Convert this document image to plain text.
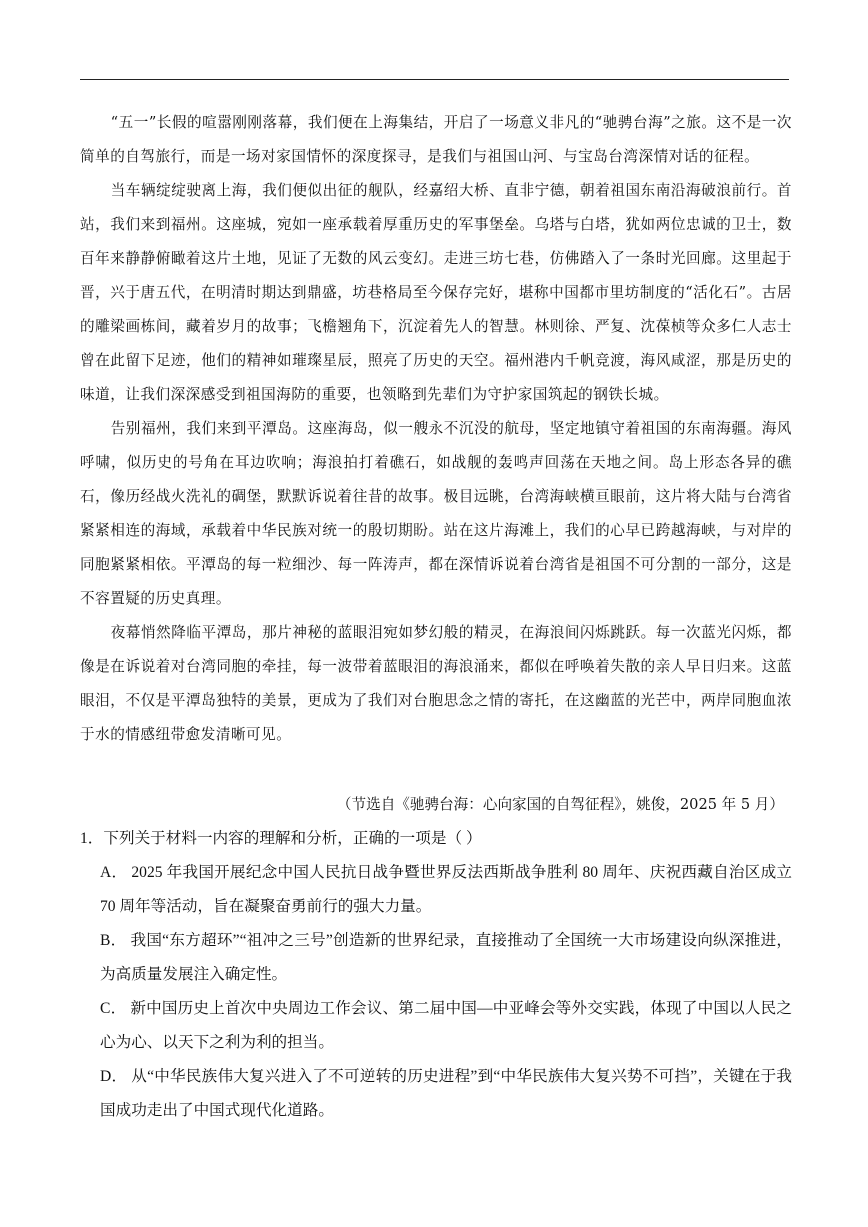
“五一”长假的喧嚣刚刚落幕，我们便在上海集结，开启了一场意义非凡的“驰骋台海”之旅。这不是一次简单的自驾旅行，而是一场对家国情怀的深度探寻，是我们与祖国山河、与宝岛台湾深情对话的征程。

当车辆绽绽驶离上海，我们便似出征的舰队，经嘉绍大桥、直非宁德，朝着祖国东南沿海破浪前行。首站，我们来到福州。这座城，宛如一座承载着厚重历史的军事堡垒。乌塔与白塔，犹如两位忠诚的卫士，数百年来静静俯瞰着这片土地，见证了无数的风云变幻。走进三坊七巷，仿佛踏入了一条时光回廊。这里起于晋，兴于唐五代，在明清时期达到鼎盛，坊巷格局至今保存完好，堪称中国都市里坊制度的“活化石”。古居的雕梁画栋间，藏着岁月的故事；飞檐翘角下，沉淀着先人的智慧。林则徐、严复、沈葆桢等众多仁人志士曾在此留下足迹，他们的精神如璀璨星辰，照亮了历史的天空。福州港内千帆竞渡，海风咸涩，那是历史的味道，让我们深深感受到祖国海防的重要，也领略到先辈们为守护家国筑起的钢铁长城。

告别福州，我们来到平潭岛。这座海岛，似一艘永不沉没的航母，坚定地镇守着祖国的东南海疆。海风呼啸，似历史的号角在耳边吹响；海浪拍打着礁石，如战舰的轰鸣声回荡在天地之间。岛上形态各异的礁石，像历经战火洗礼的碉堡，默默诉说着往昔的故事。极目远眺，台湾海峡横亘眼前，这片将大陆与台湾省紧紧相连的海域，承载着中华民族对统一的殷切期盼。站在这片海滩上，我们的心早已跨越海峡，与对岸的同胞紧紧相依。平潭岛的每一粒细沙、每一阵涛声，都在深情诉说着台湾省是祖国不可分割的一部分，这是不容置疑的历史真理。

夜幕悄然降临平潭岛，那片神秘的蓝眼泪宛如梦幻般的精灵，在海浪间闪烁跳跃。每一次蓝光闪烁，都像是在诉说着对台湾同胞的牵挂，每一波带着蓝眼泪的海浪涌来，都似在呼唤着失散的亲人早日归来。这蓝眼泪，不仅是平潭岛独特的美景，更成为了我们对台胞思念之情的寄托，在这幽蓝的光芒中，两岸同胞血浓于水的情感纽带愈发清晰可见。

（节选自《驰骋台海：心向家国的自驾征程》，姚俊，2025 年 5 月）

1．下列关于材料一内容的理解和分析，正确的一项是（ ）

A． 2025 年我国开展纪念中国人民抗日战争暨世界反法西斯战争胜利 80 周年、庆祝西藏自治区成立 70 周年等活动，旨在凝聚奋勇前行的强大力量。

B． 我国“东方超环”“祖冲之三号”创造新的世界纪录，直接推动了全国统一大市场建设向纵深推进，为高质量发展注入确定性。

C． 新中国历史上首次中央周边工作会议、第二届中国—中亚峰会等外交实践，体现了中国以人民之心为心、以天下之利为利的担当。

D． 从“中华民族伟大复兴进入了不可逆转的历史进程”到“中华民族伟大复兴势不可挡”，关键在于我国成功走出了中国式现代化道路。
